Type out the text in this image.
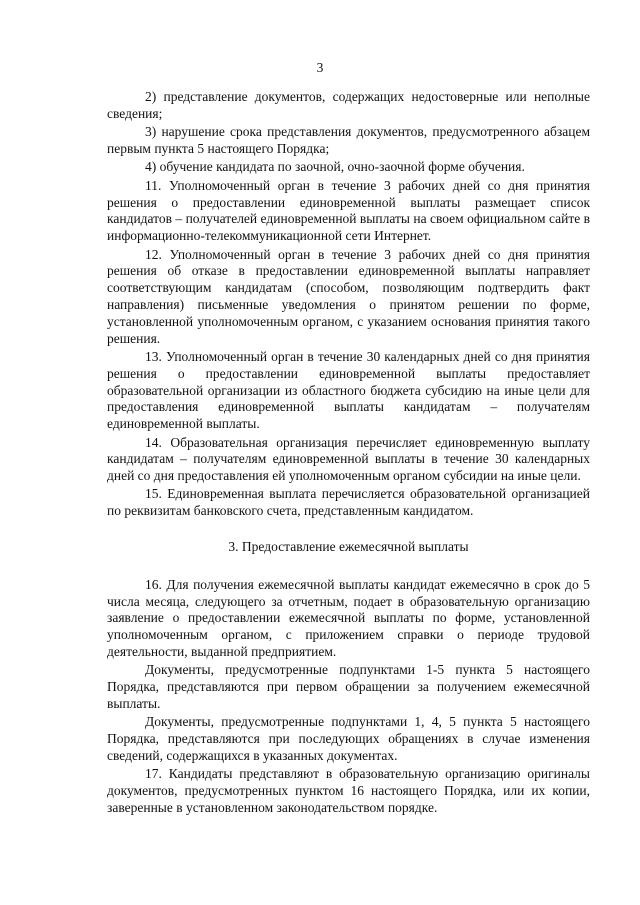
3

2) представление документов, содержащих недостоверные или неполные сведения;

3) нарушение срока представления документов, предусмотренного абзацем первым пункта 5 настоящего Порядка;

4) обучение кандидата по заочной, очно-заочной форме обучения.

11. Уполномоченный орган в течение 3 рабочих дней со дня принятия решения о предоставлении единовременной выплаты размещает список кандидатов – получателей единовременной выплаты на своем официальном сайте в информационно-телекоммуникационной сети Интернет.

12. Уполномоченный орган в течение 3 рабочих дней со дня принятия решения об отказе в предоставлении единовременной выплаты направляет соответствующим кандидатам (способом, позволяющим подтвердить факт направления) письменные уведомления о принятом решении по форме, установленной уполномоченным органом, с указанием основания принятия такого решения.

13. Уполномоченный орган в течение 30 календарных дней со дня принятия решения о предоставлении единовременной выплаты предоставляет образовательной организации из областного бюджета субсидию на иные цели для предоставления единовременной выплаты кандидатам – получателям единовременной выплаты.

14. Образовательная организация перечисляет единовременную выплату кандидатам – получателям единовременной выплаты в течение 30 календарных дней со дня предоставления ей уполномоченным органом субсидии на иные цели.

15. Единовременная выплата перечисляется образовательной организацией по реквизитам банковского счета, представленным кандидатом.

3. Предоставление ежемесячной выплаты

16. Для получения ежемесячной выплаты кандидат ежемесячно в срок до 5 числа месяца, следующего за отчетным, подает в образовательную организацию заявление о предоставлении ежемесячной выплаты по форме, установленной уполномоченным органом, с приложением справки о периоде трудовой деятельности, выданной предприятием.

Документы, предусмотренные подпунктами 1-5 пункта 5 настоящего Порядка, представляются при первом обращении за получением ежемесячной выплаты.

Документы, предусмотренные подпунктами 1, 4, 5 пункта 5 настоящего Порядка, представляются при последующих обращениях в случае изменения сведений, содержащихся в указанных документах.

17. Кандидаты представляют в образовательную организацию оригиналы документов, предусмотренных пунктом 16 настоящего Порядка, или их копии, заверенные в установленном законодательством порядке.
